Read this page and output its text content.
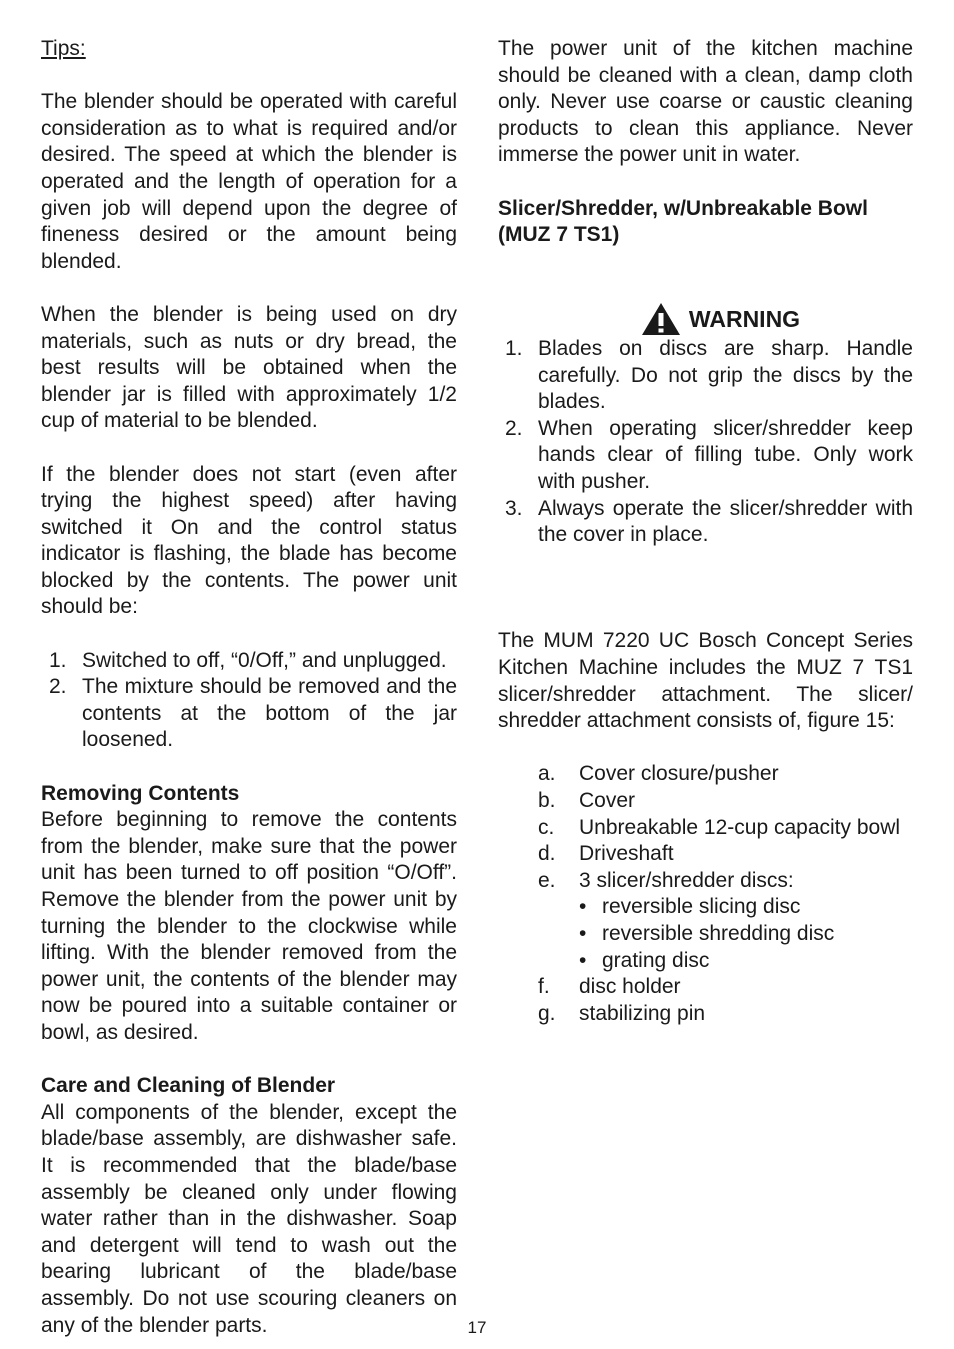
Tips:

The blender should be operated with careful consideration as to what is required and/or desired. The speed at which the blender is operated and the length of operation for a given job will depend upon the degree of fineness desired or the amount being blended.

When the blender is being used on dry materials, such as nuts or dry bread, the best results will be obtained when the blender jar is filled with approximately 1/2 cup of material to be blended.

If the blender does not start (even after trying the highest speed) after having switched it On and the control status indicator is flashing, the blade has become blocked by the contents. The power unit should be:

1. Switched to off, “0/Off,” and unplugged.
2. The mixture should be removed and the contents at the bottom of the jar loosened.
Removing Contents

Before beginning to remove the contents from the blender, make sure that the power unit has been turned to off position “O/Off”. Remove the blender from the power unit by turning the blender to the clockwise while lifting. With the blender removed from the power unit, the contents of the blender may now be poured into a suitable container or bowl, as desired.

Care and Cleaning of Blender

All components of the blender, except the blade/base assembly, are dishwasher safe. It is recommended that the blade/base assembly be cleaned only under flowing water rather than in the dishwasher. Soap and detergent will tend to wash out the bearing lubricant of the blade/base assembly. Do not use scouring cleaners on any of the blender parts.

The power unit of the kitchen machine should be cleaned with a clean, damp cloth only. Never use coarse or caustic cleaning products to clean this appliance. Never immerse the power unit in water.

Slicer/Shredder, w/Unbreakable Bowl (MUZ 7 TS1)
WARNING
1. Blades on discs are sharp. Handle carefully. Do not grip the discs by the blades.
2. When operating slicer/shredder keep hands clear of filling tube. Only work with pusher.
3. Always operate the slicer/shredder with the cover in place.

The MUM 7220 UC Bosch Concept Series Kitchen Machine includes the MUZ 7 TS1 slicer/shredder attachment. The slicer/ shredder attachment consists of, figure 15:

a. Cover closure/pusher
b. Cover
c. Unbreakable 12-cup capacity bowl
d. Driveshaft
e. 3 slicer/shredder discs:
• reversible slicing disc
• reversible shredding disc
• grating disc
f. disc holder
g. stabilizing pin
17
